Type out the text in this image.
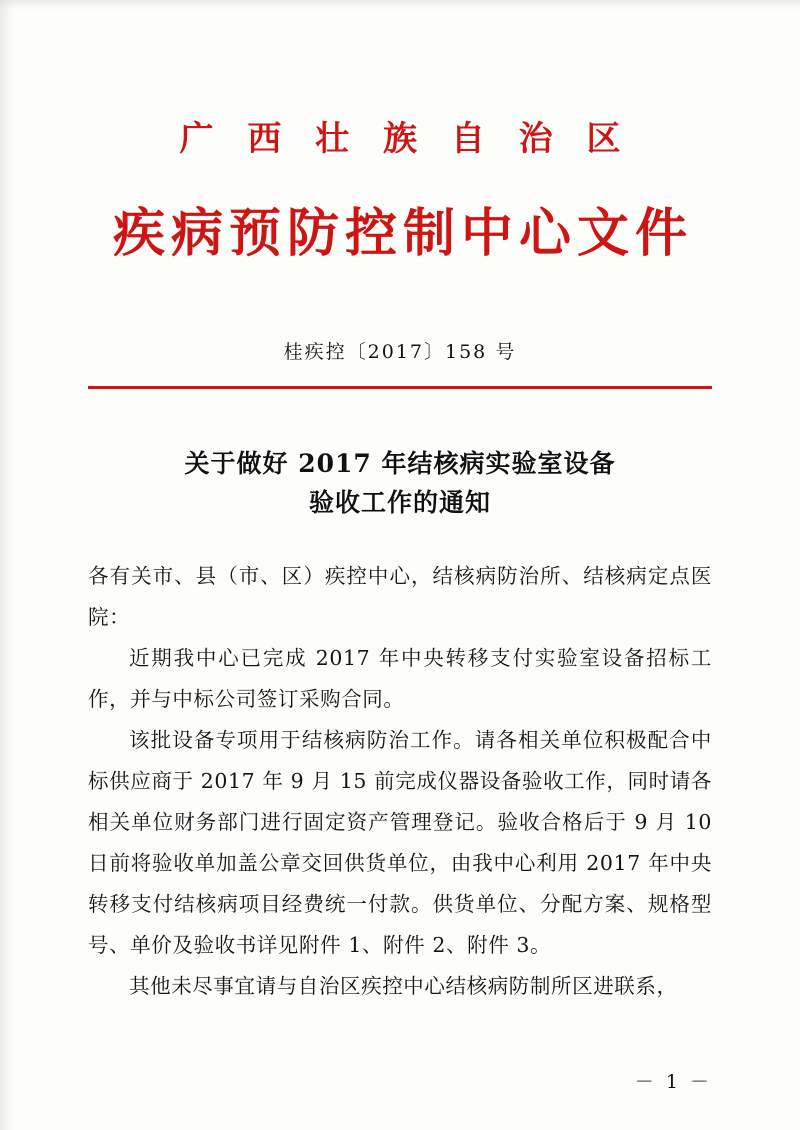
广 西 壮 族 自 治 区
疾病预防控制中心文件
桂疾控〔2017〕158 号
关于做好 2017 年结核病实验室设备
验收工作的通知

各有关市、县（市、区）疾控中心，结核病防治所、结核病定点医院：

近期我中心已完成 2017 年中央转移支付实验室设备招标工作，并与中标公司签订采购合同。

该批设备专项用于结核病防治工作。请各相关单位积极配合中标供应商于 2017 年 9 月 15 前完成仪器设备验收工作，同时请各相关单位财务部门进行固定资产管理登记。验收合格后于 9 月 10 日前将验收单加盖公章交回供货单位，由我中心利用 2017 年中央转移支付结核病项目经费统一付款。供货单位、分配方案、规格型号、单价及验收书详见附件 1、附件 2、附件 3。

其他未尽事宜请与自治区疾控中心结核病防制所区进联系，

－ 1 －
